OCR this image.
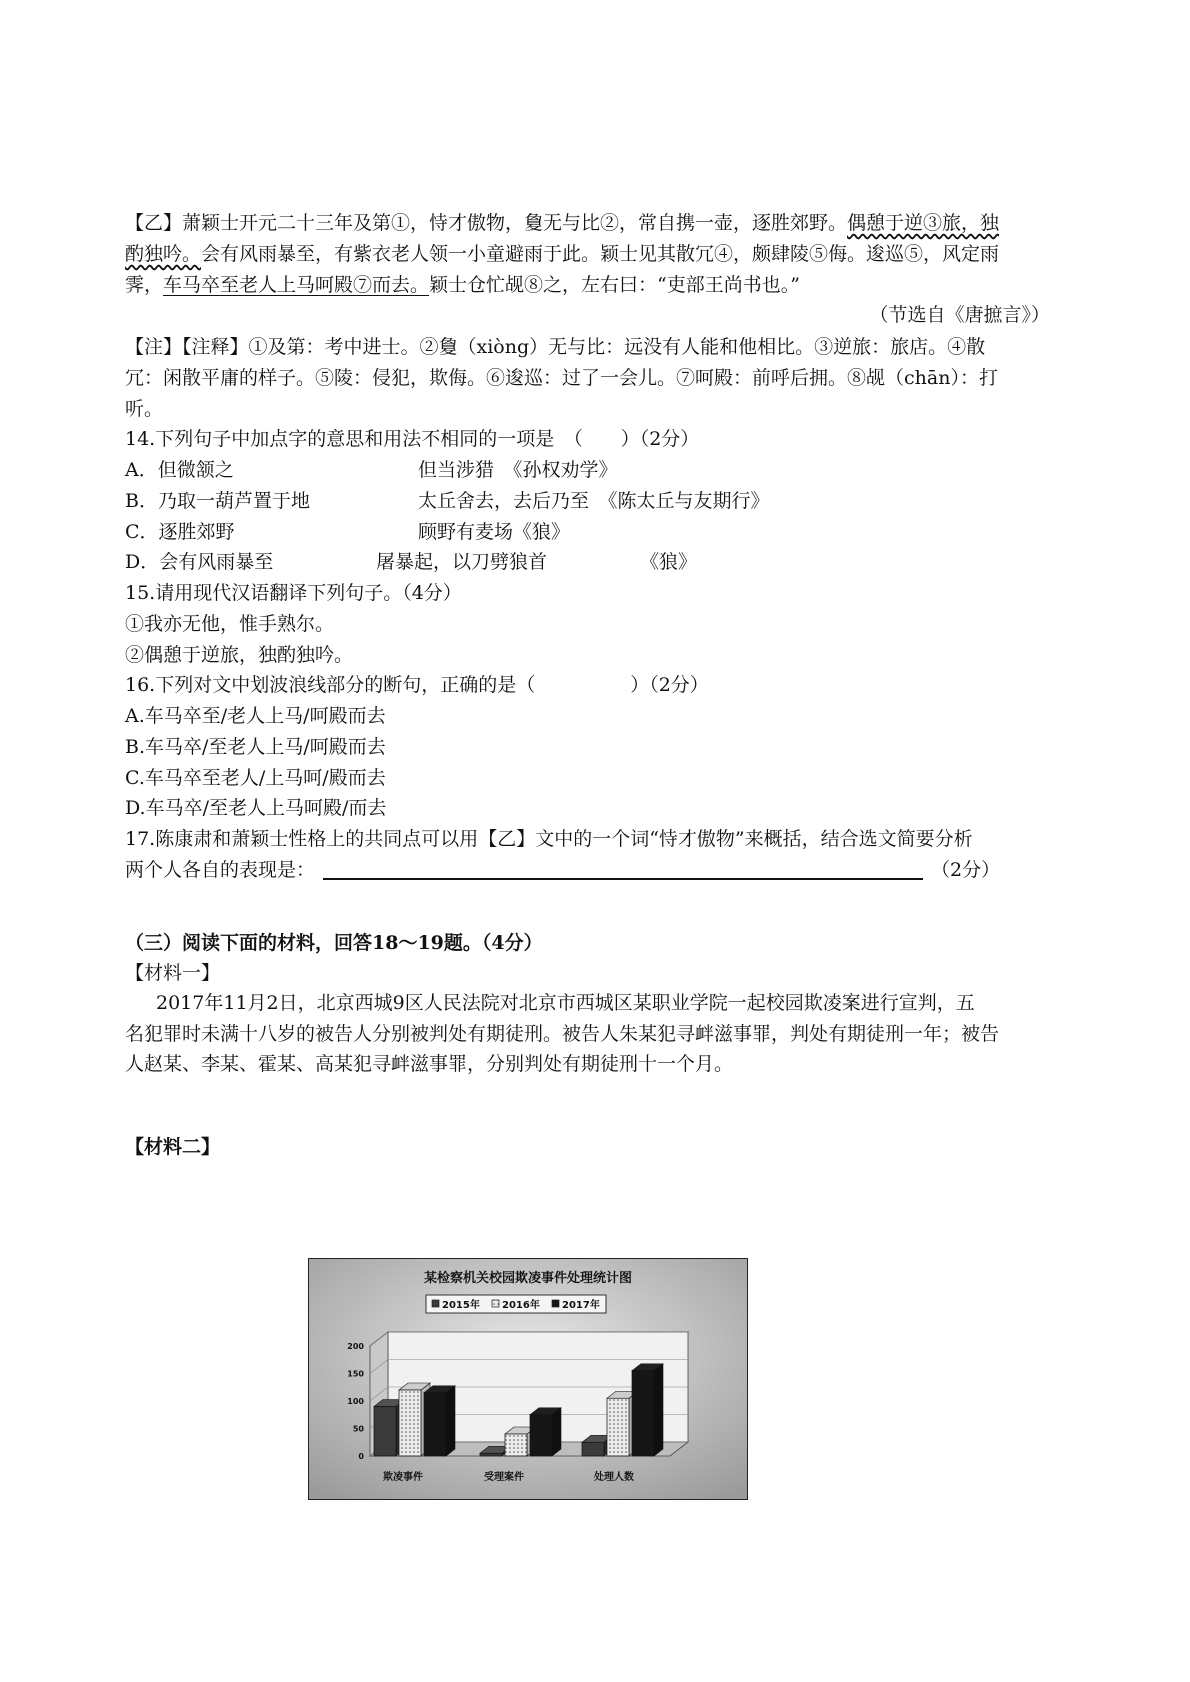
【乙】萧颖士开元二十三年及第①，恃才傲物，敻无与比②，常自携一壶，逐胜郊野。偶憩于逆③旅，独
酌独吟。会有风雨暴至，有紫衣老人领一小童避雨于此。颖士见其散冗④，颇肆陵⑤侮。逡巡⑤，风定雨
霁，车马卒至老人上马呵殿⑦而去。颖士仓忙觇⑧之，左右曰：“吏部王尚书也。”
（节选自《唐摭言》）
【注】【注释】①及第：考中进士。②敻（xiòng）无与比：远没有人能和他相比。③逆旅：旅店。④散
冗：闲散平庸的样子。⑤陵：侵犯，欺侮。⑥逡巡：过了一会儿。⑦呵殿：前呼后拥。⑧觇（chān）：打
听。
14.下列句子中加点字的意思和用法不相同的一项是　（　　）（2分）
A．但微颔之	但当涉猎　《孙权劝学》
B．乃取一葫芦置于地	太丘舍去，去后乃至　《陈太丘与友期行》
C．逐胜郊野	顾野有麦场《狼》
D．会有风雨暴至	屠暴起，以刀劈狼首	《狼》
15.请用现代汉语翻译下列句子。（4分）
①我亦无他，惟手熟尔。
②偶憩于逆旅，独酌独吟。
16.下列对文中划波浪线部分的断句，正确的是（　　　　　）（2分）
A.车马卒至/老人上马/呵殿而去
B.车马卒/至老人上马/呵殿而去
C.车马卒至老人/上马呵/殿而去
D.车马卒/至老人上马呵殿/而去
17.陈康肃和萧颖士性格上的共同点可以用【乙】文中的一个词“恃才傲物”来概括，结合选文简要分析
两个人各自的表现是：	（2分）
（三）阅读下面的材料，回答18～19题。（4分）
【材料一】
2017年11月2日，北京西城9区人民法院对北京市西城区某职业学院一起校园欺凌案进行宣判，五
名犯罪时未满十八岁的被告人分别被判处有期徒刑。被告人朱某犯寻衅滋事罪，判处有期徒刑一年；被告
人赵某、李某、霍某、高某犯寻衅滋事罪，分别判处有期徒刑十一个月。
【材料二】
某检察机关校园欺凌事件处理统计图
2015年 2016年 2017年
0
50
100
150
200
欺凌事件	受理案件	处理人数
